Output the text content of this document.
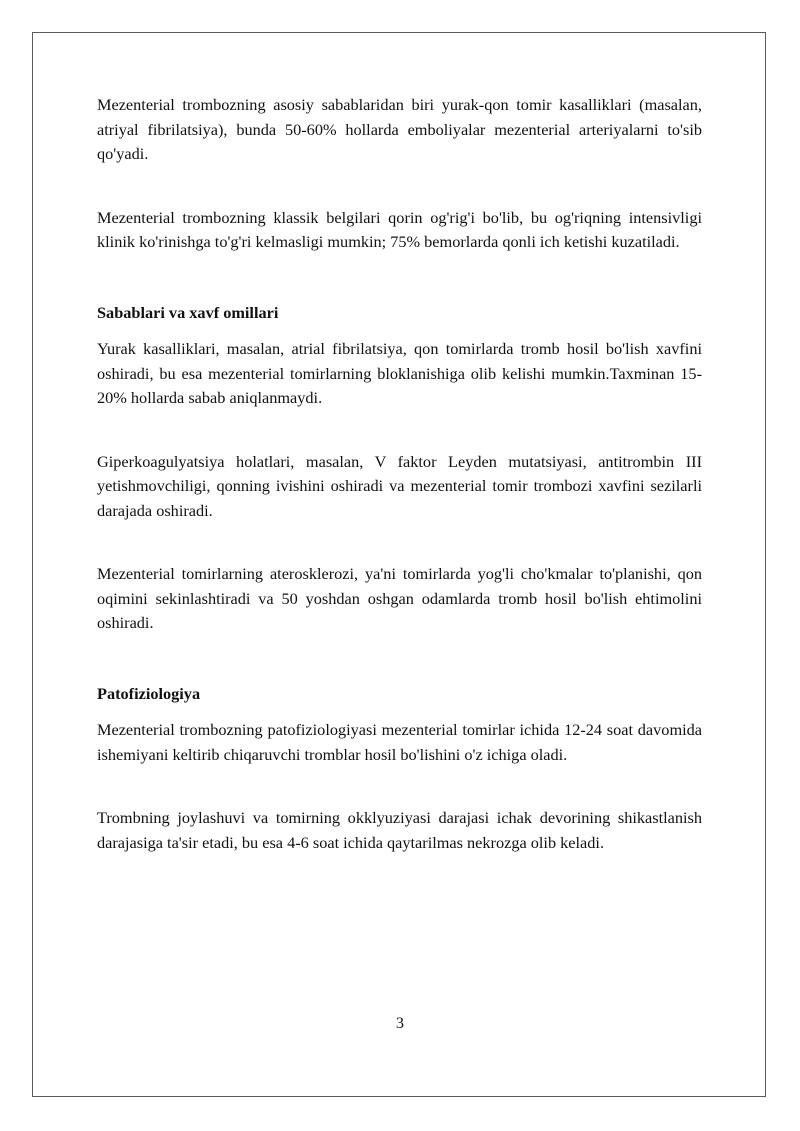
Mezenterial trombozning asosiy sabablaridan biri yurak-qon tomir kasalliklari (masalan, atriyal fibrilatsiya), bunda 50-60% hollarda emboliyalar mezenterial arteriyalarni to'sib qo'yadi.

Mezenterial trombozning klassik belgilari qorin og'rig'i bo'lib, bu og'riqning intensivligi klinik ko'rinishga to'g'ri kelmasligi mumkin; 75% bemorlarda qonli ich ketishi kuzatiladi.

Sabablari va xavf omillari

Yurak kasalliklari, masalan, atrial fibrilatsiya, qon tomirlarda tromb hosil bo'lish xavfini oshiradi, bu esa mezenterial tomirlarning bloklanishiga olib kelishi mumkin.Taxminan 15-20% hollarda sabab aniqlanmaydi.

Giperkoagulyatsiya holatlari, masalan, V faktor Leyden mutatsiyasi, antitrombin III yetishmovchiligi, qonning ivishini oshiradi va mezenterial tomir trombozi xavfini sezilarli darajada oshiradi.

Mezenterial tomirlarning aterosklerozi, ya'ni tomirlarda yog'li cho'kmalar to'planishi, qon oqimini sekinlashtiradi va 50 yoshdan oshgan odamlarda tromb hosil bo'lish ehtimolini oshiradi.

Patofiziologiya

Mezenterial trombozning patofiziologiyasi mezenterial tomirlar ichida 12-24 soat davomida ishemiyani keltirib chiqaruvchi tromblar hosil bo'lishini o'z ichiga oladi.

Trombning joylashuvi va tomirning okklyuziyasi darajasi ichak devorining shikastlanish darajasiga ta'sir etadi, bu esa 4-6 soat ichida qaytarilmas nekrozga olib keladi.

3
